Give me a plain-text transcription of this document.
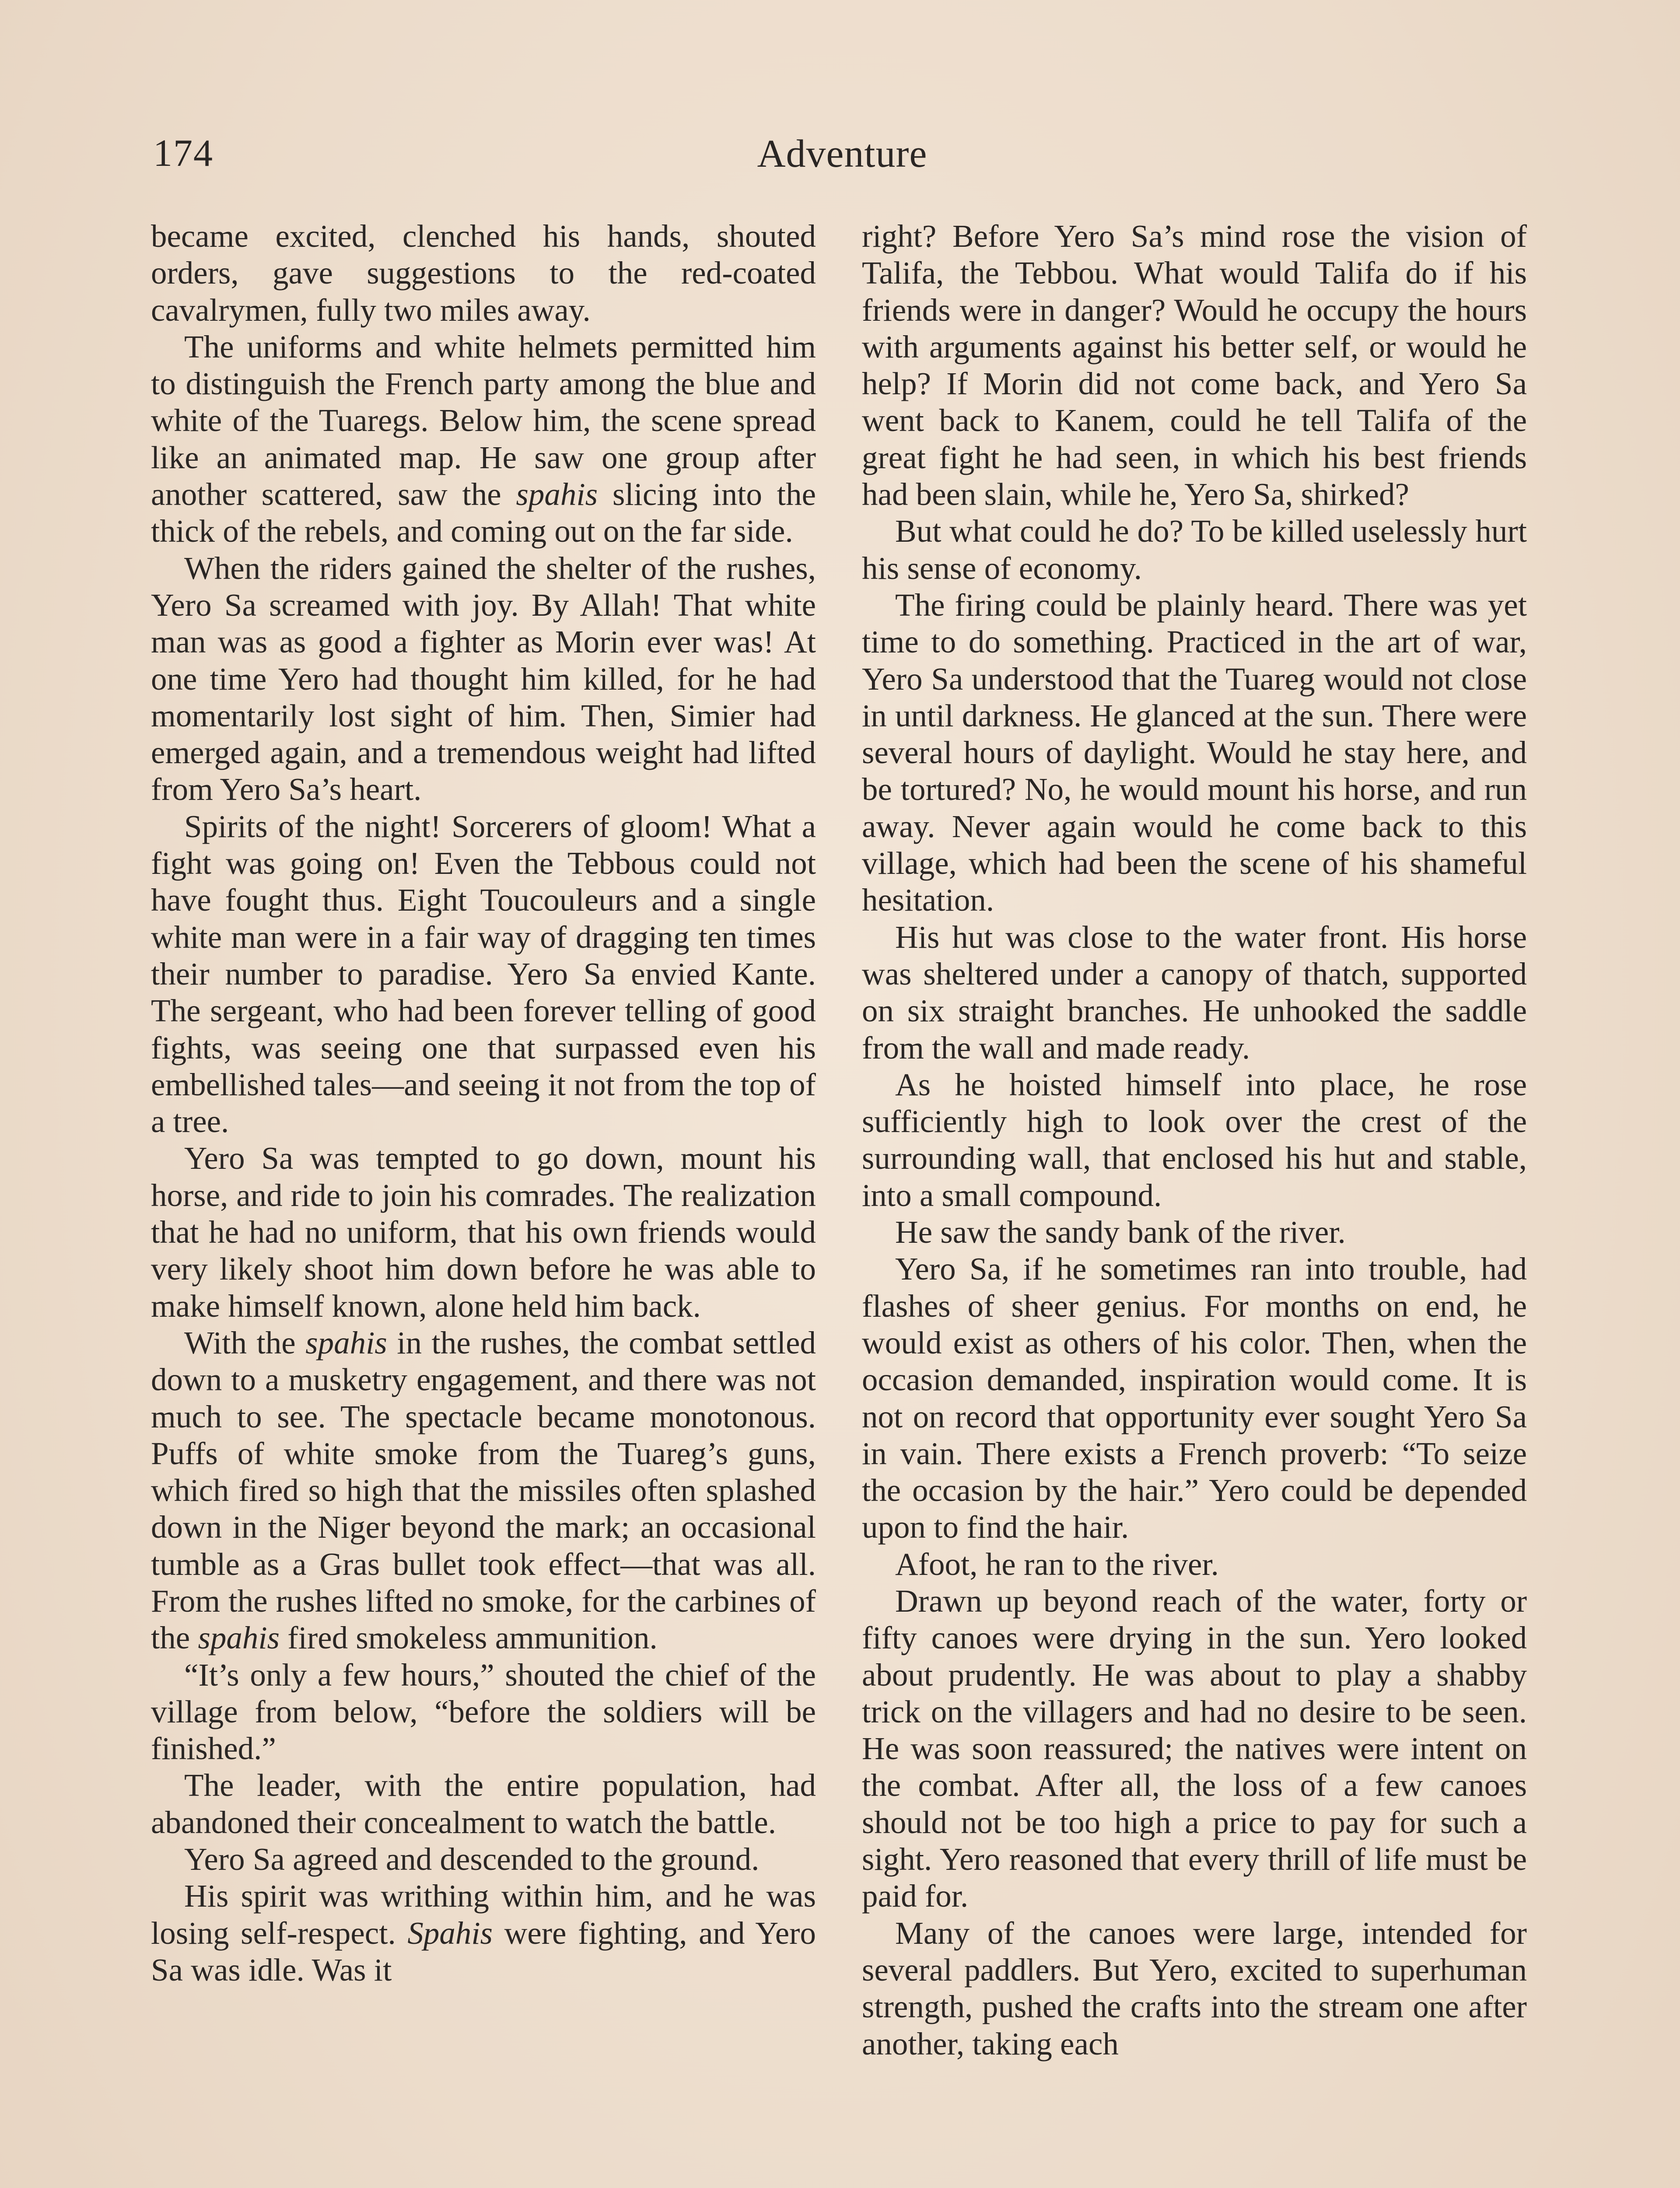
174	Adventure

became excited, clenched his hands, shouted orders, gave suggestions to the red-coated cavalrymen, fully two miles away.

The uniforms and white helmets permitted him to distinguish the French party among the blue and white of the Tuaregs. Below him, the scene spread like an animated map. He saw one group after another scattered, saw the spahis slicing into the thick of the rebels, and coming out on the far side.

When the riders gained the shelter of the rushes, Yero Sa screamed with joy. By Allah! That white man was as good a fighter as Morin ever was! At one time Yero had thought him killed, for he had momentarily lost sight of him. Then, Simier had emerged again, and a tremendous weight had lifted from Yero Sa’s heart.

Spirits of the night! Sorcerers of gloom! What a fight was going on! Even the Tebbous could not have fought thus. Eight Toucouleurs and a single white man were in a fair way of dragging ten times their number to paradise. Yero Sa envied Kante. The sergeant, who had been forever telling of good fights, was seeing one that surpassed even his embellished tales—and seeing it not from the top of a tree.

Yero Sa was tempted to go down, mount his horse, and ride to join his comrades. The realization that he had no uniform, that his own friends would very likely shoot him down before he was able to make himself known, alone held him back.

With the spahis in the rushes, the combat settled down to a musketry engagement, and there was not much to see. The spectacle became monotonous. Puffs of white smoke from the Tuareg’s guns, which fired so high that the missiles often splashed down in the Niger beyond the mark; an occasional tumble as a Gras bullet took effect—that was all. From the rushes lifted no smoke, for the carbines of the spahis fired smokeless ammunition.

“It’s only a few hours,” shouted the chief of the village from below, “before the soldiers will be finished.”

The leader, with the entire population, had abandoned their concealment to watch the battle.

Yero Sa agreed and descended to the ground.

His spirit was writhing within him, and he was losing self-respect. Spahis were fighting, and Yero Sa was idle. Was it

right? Before Yero Sa’s mind rose the vision of Talifa, the Tebbou. What would Talifa do if his friends were in danger? Would he occupy the hours with arguments against his better self, or would he help? If Morin did not come back, and Yero Sa went back to Kanem, could he tell Talifa of the great fight he had seen, in which his best friends had been slain, while he, Yero Sa, shirked?

But what could he do? To be killed uselessly hurt his sense of economy.

The firing could be plainly heard. There was yet time to do something. Practiced in the art of war, Yero Sa understood that the Tuareg would not close in until darkness. He glanced at the sun. There were several hours of daylight. Would he stay here, and be tortured? No, he would mount his horse, and run away. Never again would he come back to this village, which had been the scene of his shameful hesitation.

His hut was close to the water front. His horse was sheltered under a canopy of thatch, supported on six straight branches. He unhooked the saddle from the wall and made ready.

As he hoisted himself into place, he rose sufficiently high to look over the crest of the surrounding wall, that enclosed his hut and stable, into a small compound.

He saw the sandy bank of the river.

Yero Sa, if he sometimes ran into trouble, had flashes of sheer genius. For months on end, he would exist as others of his color. Then, when the occasion demanded, inspiration would come. It is not on record that opportunity ever sought Yero Sa in vain. There exists a French proverb: “To seize the occasion by the hair.” Yero could be depended upon to find the hair.

Afoot, he ran to the river.

Drawn up beyond reach of the water, forty or fifty canoes were drying in the sun. Yero looked about prudently. He was about to play a shabby trick on the villagers and had no desire to be seen. He was soon reassured; the natives were intent on the combat. After all, the loss of a few canoes should not be too high a price to pay for such a sight. Yero reasoned that every thrill of life must be paid for.

Many of the canoes were large, intended for several paddlers. But Yero, excited to superhuman strength, pushed the crafts into the stream one after another, taking each
